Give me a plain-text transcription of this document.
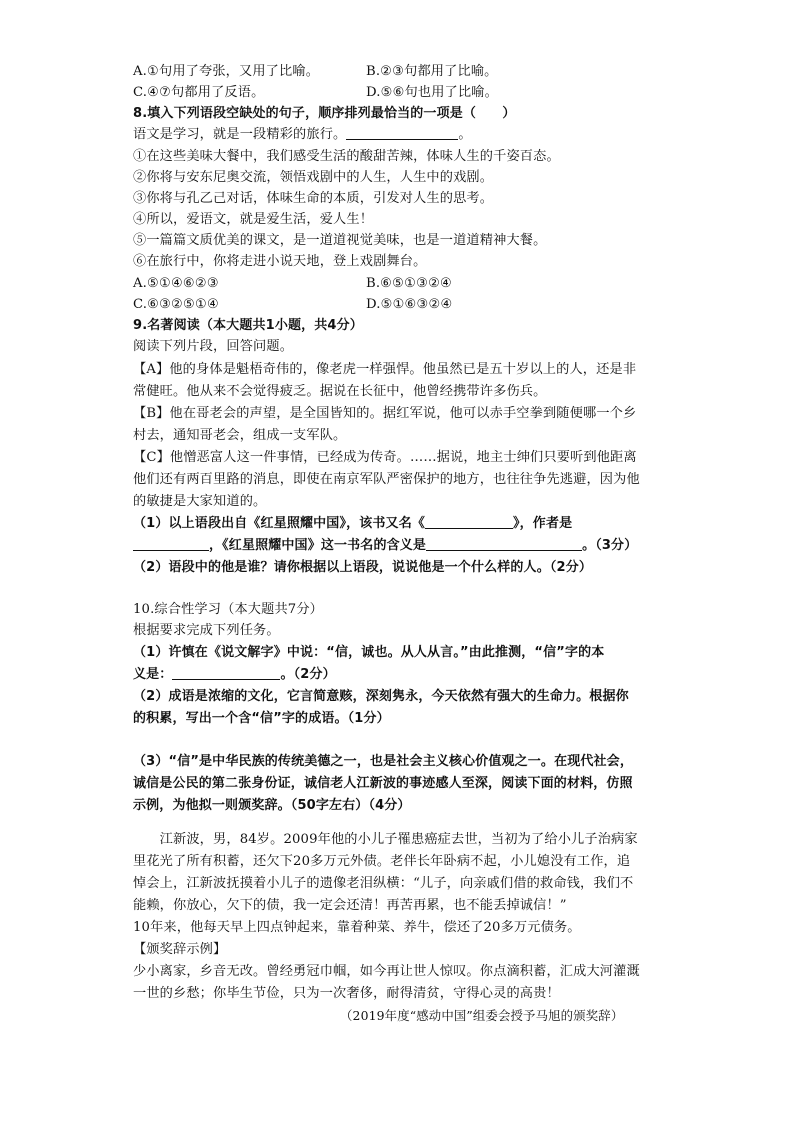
A.①句用了夸张，又用了比喻。	B.②③句都用了比喻。
C.④⑦句都用了反语。	D.⑤⑥句也用了比喻。
8.填入下列语段空缺处的句子，顺序排列最恰当的一项是（　　）
语文是学习，就是一段精彩的旅行。	。
①在这些美味大餐中，我们感受生活的酸甜苦辣，体味人生的千姿百态。
②你将与安东尼奥交流，领悟戏剧中的人生，人生中的戏剧。
③你将与孔乙己对话，体味生命的本质，引发对人生的思考。
④所以，爱语文，就是爱生活，爱人生！
⑤一篇篇文质优美的课文，是一道道视觉美味，也是一道道精神大餐。
⑥在旅行中，你将走进小说天地，登上戏剧舞台。
A.⑤①④⑥②③	B.⑥⑤①③②④
C.⑥③②⑤①④	D.⑤①⑥③②④
9.名著阅读（本大题共1小题，共4分）
阅读下列片段，回答问题。
【A】他的身体是魁梧奇伟的，像老虎一样强悍。他虽然已是五十岁以上的人，还是非
常健旺。他从来不会觉得疲乏。据说在长征中，他曾经携带许多伤兵。
【B】他在哥老会的声望，是全国皆知的。据红军说，他可以赤手空拳到随便哪一个乡
村去，通知哥老会，组成一支军队。
【C】他憎恶富人这一件事情，已经成为传奇。……据说，地主士绅们只要听到他距离
他们还有两百里路的消息，即使在南京军队严密保护的地方，也往往争先逃避，因为他
的敏捷是大家知道的。
（1）以上语段出自《红星照耀中国》，该书又名《	》，作者是
，《红星照耀中国》这一书名的含义是	。（3分）
（2）语段中的他是谁？请你根据以上语段，说说他是一个什么样的人。（2分）
10.综合性学习（本大题共7分）
根据要求完成下列任务。
（1）许慎在《说文解字》中说：“信，诚也。从人从言。”由此推测，“信”字的本
义是：	。（2分）
（2）成语是浓缩的文化，它言简意赅，深刻隽永，今天依然有强大的生命力。根据你
的积累，写出一个含“信”字的成语。（1分）
（3）“信”是中华民族的传统美德之一，也是社会主义核心价值观之一。在现代社会，
诚信是公民的第二张身份证，诚信老人江新波的事迹感人至深，阅读下面的材料，仿照
示例，为他拟一则颁奖辞。（50字左右）（4分）
　　江新波，男，84岁。2009年他的小儿子罹患癌症去世，当初为了给小儿子治病家
里花光了所有积蓄，还欠下20多万元外债。老伴长年卧病不起，小儿媳没有工作，追
悼会上，江新波抚摸着小儿子的遗像老泪纵横：“儿子，向亲戚们借的救命钱，我们不
能赖，你放心，欠下的债，我一定会还清！再苦再累，也不能丢掉诚信！”
10年来，他每天早上四点钟起来，靠着种菜、养牛，偿还了20多万元债务。
【颁奖辞示例】
少小离家，乡音无改。曾经勇冠巾帼，如今再让世人惊叹。你点滴积蓄，汇成大河灌溉
一世的乡愁；你毕生节俭，只为一次奢侈，耐得清贫，守得心灵的高贵！
（2019年度“感动中国”组委会授予马旭的颁奖辞）
